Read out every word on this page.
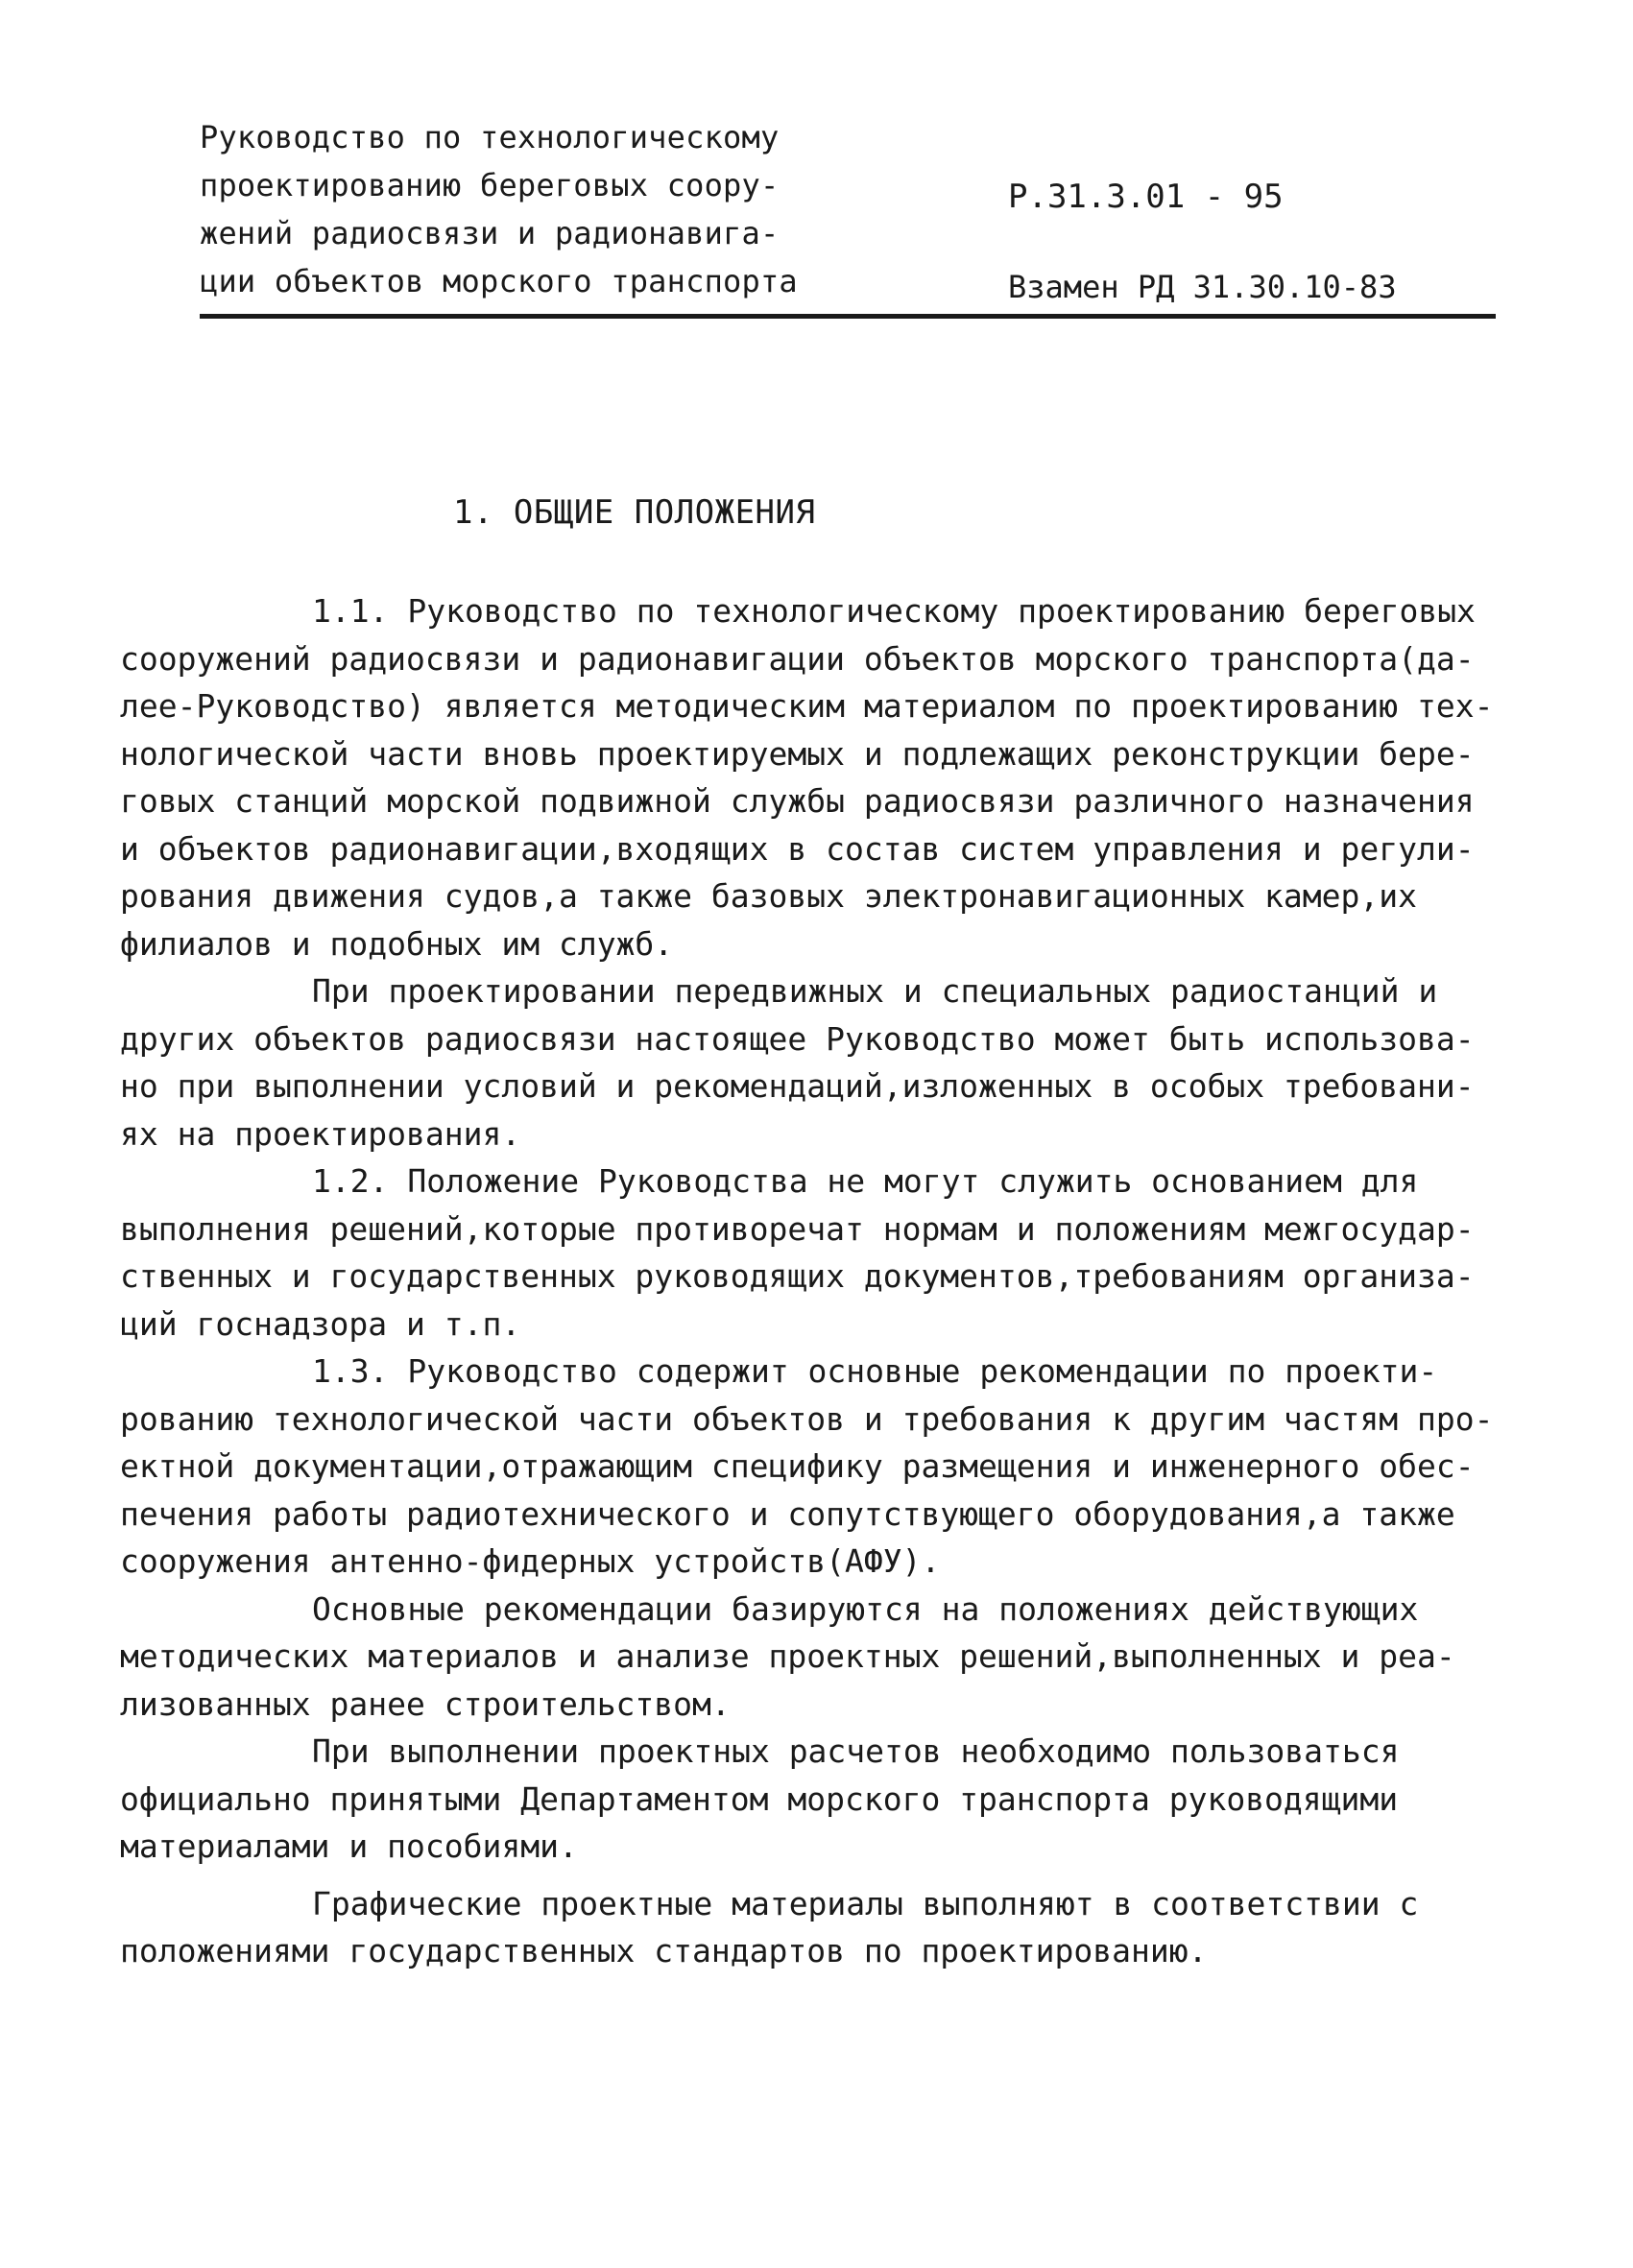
Руководство по технологическому
проектированию береговых соору-
жений радиосвязи и радионавига-
ции объектов морского транспорта
Р.31.3.01 - 95
Взамен РД 31.30.10-83
1. ОБЩИЕ ПОЛОЖЕНИЯ
1.1. Руководство по технологическому проектированию береговых
сооружений радиосвязи и радионавигации объектов морского транспорта(да-
лее-Руководство) является методическим материалом по проектированию тех-
нологической части вновь проектируемых и подлежащих реконструкции бере-
говых станций морской подвижной службы радиосвязи различного назначения
и объектов радионавигации,входящих в состав систем управления и регули-
рования движения судов,а также базовых электронавигационных камер,их
филиалов и подобных им служб.
При проектировании передвижных и специальных радиостанций и
других объектов радиосвязи настоящее Руководство может быть использова-
но при выполнении условий и рекомендаций,изложенных в особых требовани-
ях на проектирования.
1.2. Положение Руководства не могут служить основанием для
выполнения решений,которые противоречат нормам и положениям межгосудар-
ственных и государственных руководящих документов,требованиям организа-
ций госнадзора и т.п.
1.3. Руководство содержит основные рекомендации по проекти-
рованию технологической части объектов и требования к другим частям про-
ектной документации,отражающим специфику размещения и инженерного обес-
печения работы радиотехнического и сопутствующего оборудования,а также
сооружения антенно-фидерных устройств(АФУ).
Основные рекомендации базируются на положениях действующих
методических материалов и анализе проектных решений,выполненных и реа-
лизованных ранее строительством.
При выполнении проектных расчетов необходимо пользоваться
официально принятыми Департаментом морского транспорта руководящими
материалами и пособиями.
Графические проектные материалы выполняют в соответствии с
положениями государственных стандартов по проектированию.
